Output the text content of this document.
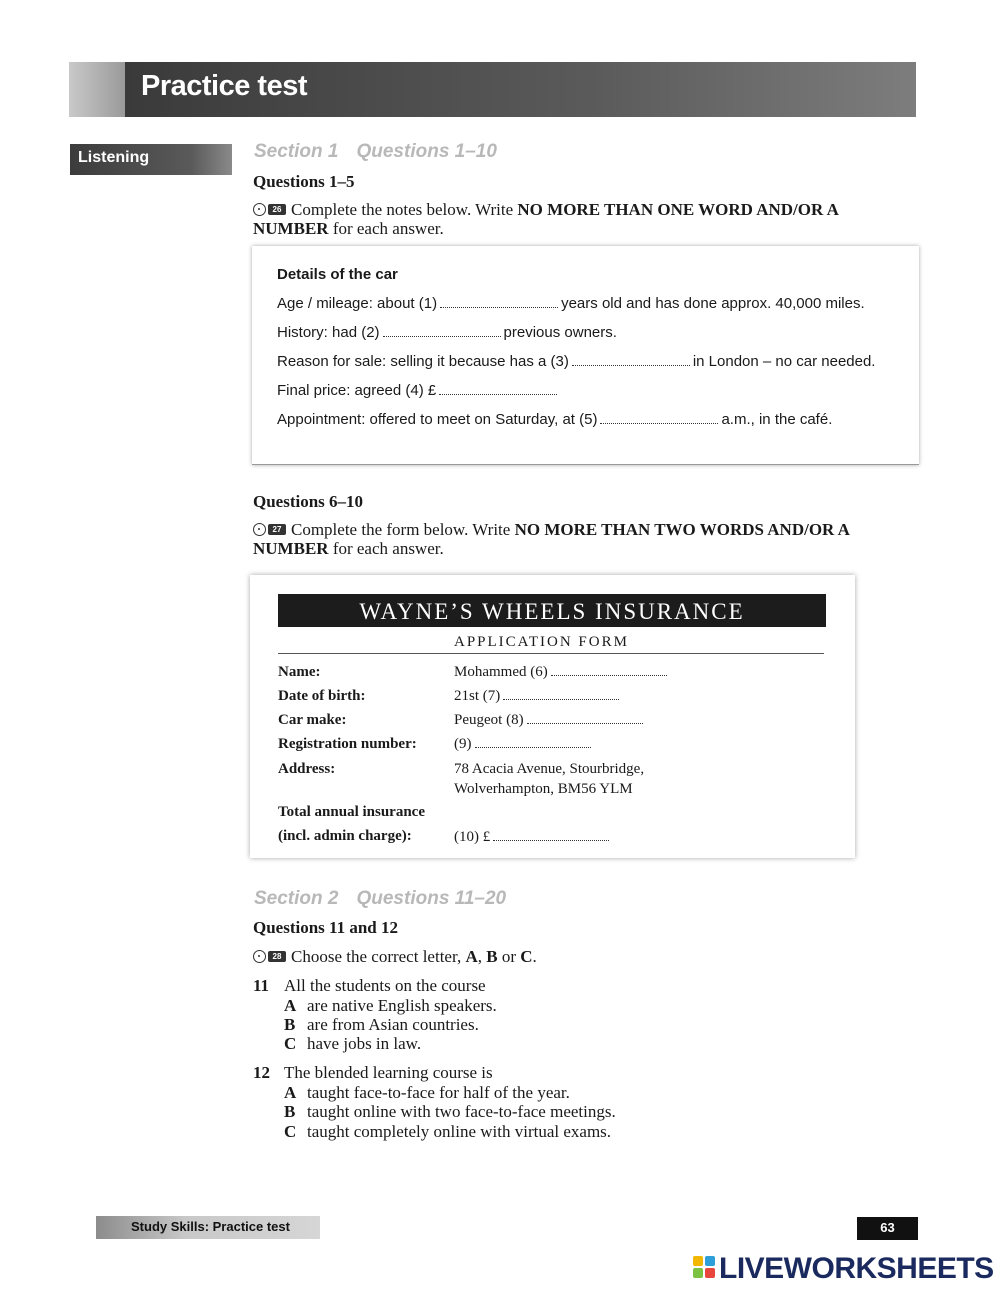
Practice test
Listening	Section 1 Questions 1–10
Questions 1–5
26 Complete the notes below. Write NO MORE THAN ONE WORD AND/OR A NUMBER for each answer.
Details of the car
Age / mileage: about (1)	years old and has done approx. 40,000 miles.
History: had (2)	previous owners.
Reason for sale: selling it because has a (3)	in London – no car needed.
Final price: agreed (4) £
Appointment: offered to meet on Saturday, at (5)	a.m., in the café.
Questions 6–10
27 Complete the form below. Write NO MORE THAN TWO WORDS AND/OR A NUMBER for each answer.
WAYNE’S WHEELS INSURANCE
APPLICATION FORM
Name:	Mohammed (6)
Date of birth:	21st (7)
Car make:	Peugeot (8)
Registration number: (9)
Address:	78 Acacia Avenue, Stourbridge,
Wolverhampton, BM56 YLM
Total annual insurance
(incl. admin charge):	(10) £
Section 2 Questions 11–20
Questions 11 and 12
28 Choose the correct letter, A, B or C.
11 All the students on the course
A are native English speakers.
B are from Asian countries.
C have jobs in law.
12 The blended learning course is
A taught face-to-face for half of the year.
B taught online with two face-to-face meetings.
C taught completely online with virtual exams.
Study Skills: Practice test	63
LIVEWORKSHEETS
